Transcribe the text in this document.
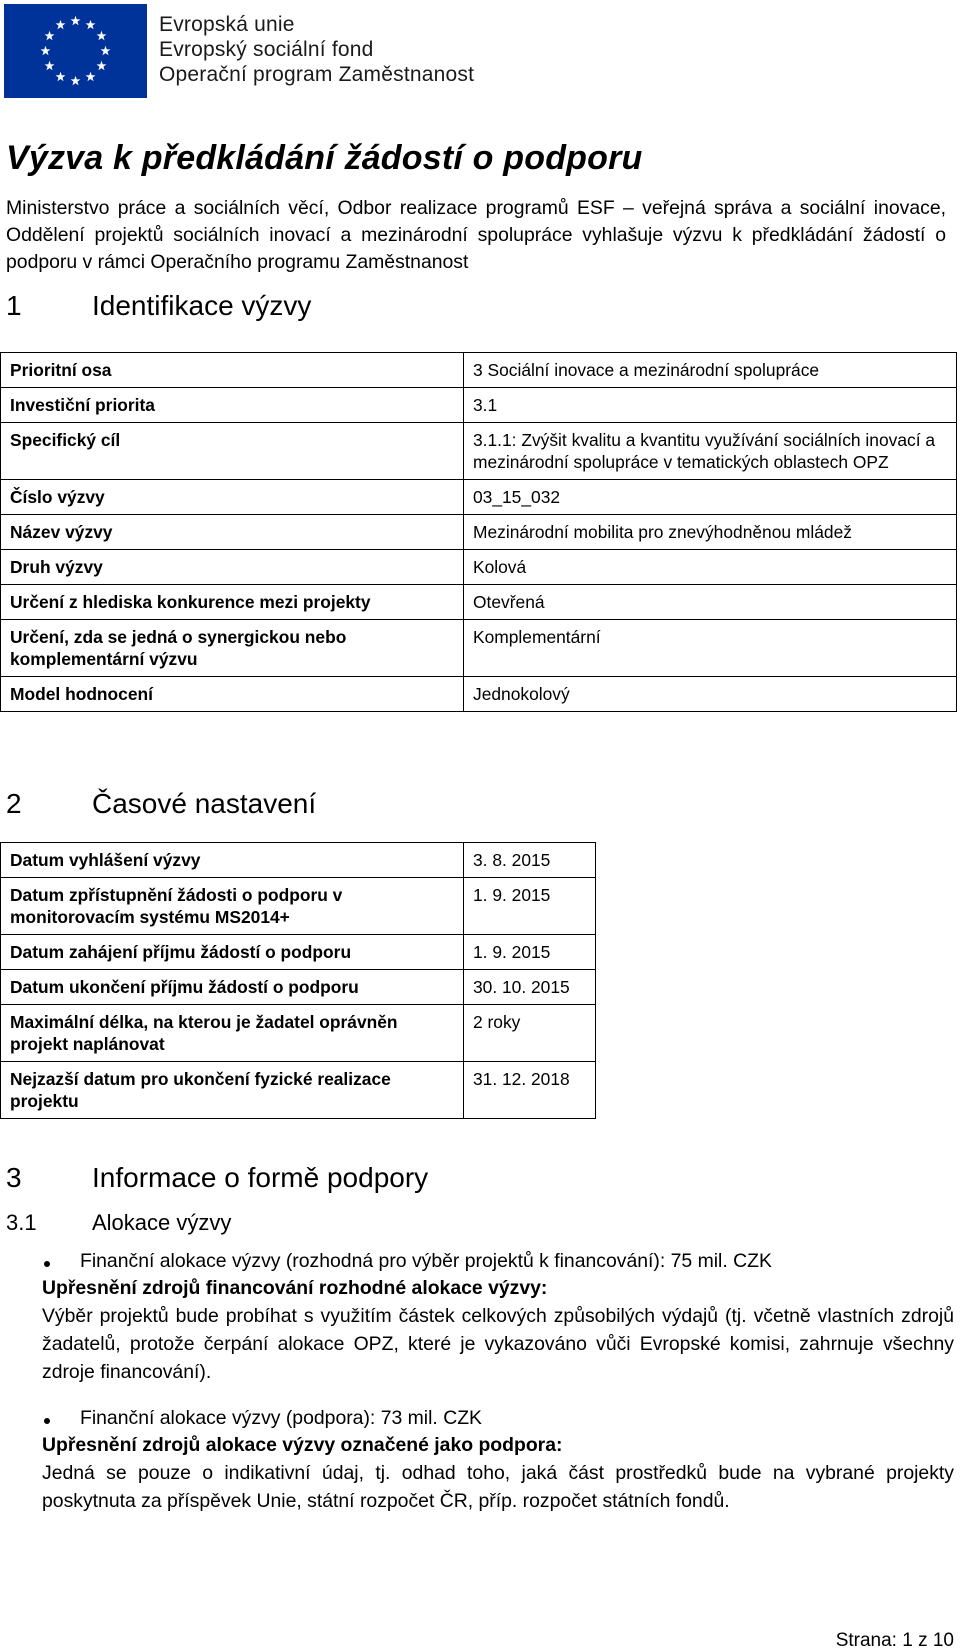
Evropská unie
Evropský sociální fond
Operační program Zaměstnanost
Výzva k předkládání žádostí o podporu
Ministerstvo práce a sociálních věcí, Odbor realizace programů ESF – veřejná správa a sociální inovace, Oddělení projektů sociálních inovací a mezinárodní spolupráce vyhlašuje výzvu k předkládání žádostí o podporu v rámci Operačního programu Zaměstnanost
1	Identifikace výzvy
Prioritní osa	3 Sociální inovace a mezinárodní spolupráce
Investiční priorita	3.1
Specifický cíl	3.1.1: Zvýšit kvalitu a kvantitu využívání sociálních inovací a mezinárodní spolupráce v tematických oblastech OPZ
Číslo výzvy	03_15_032
Název výzvy	Mezinárodní mobilita pro znevýhodněnou mládež
Druh výzvy	Kolová
Určení z hlediska konkurence mezi projekty	Otevřená
Určení, zda se jedná o synergickou nebo komplementární výzvu	Komplementární
Model hodnocení	Jednokolový
2	Časové nastavení
Datum vyhlášení výzvy	3. 8. 2015
Datum zpřístupnění žádosti o podporu v monitorovacím systému MS2014+	1. 9. 2015
Datum zahájení příjmu žádostí o podporu	1. 9. 2015
Datum ukončení příjmu žádostí o podporu	30. 10. 2015
Maximální délka, na kterou je žadatel oprávněn projekt naplánovat	2 roky
Nejzazší datum pro ukončení fyzické realizace projektu	31. 12. 2018
3	Informace o formě podpory
3.1	Alokace výzvy
Finanční alokace výzvy (rozhodná pro výběr projektů k financování): 75 mil. CZK
Upřesnění zdrojů financování rozhodné alokace výzvy:
Výběr projektů bude probíhat s využitím částek celkových způsobilých výdajů (tj. včetně vlastních zdrojů žadatelů, protože čerpání alokace OPZ, které je vykazováno vůči Evropské komisi, zahrnuje všechny zdroje financování).
Finanční alokace výzvy (podpora): 73 mil. CZK
Upřesnění zdrojů alokace výzvy označené jako podpora:
Jedná se pouze o indikativní údaj, tj. odhad toho, jaká část prostředků bude na vybrané projekty poskytnuta za příspěvek Unie, státní rozpočet ČR, příp. rozpočet státních fondů.
Strana: 1 z 10
